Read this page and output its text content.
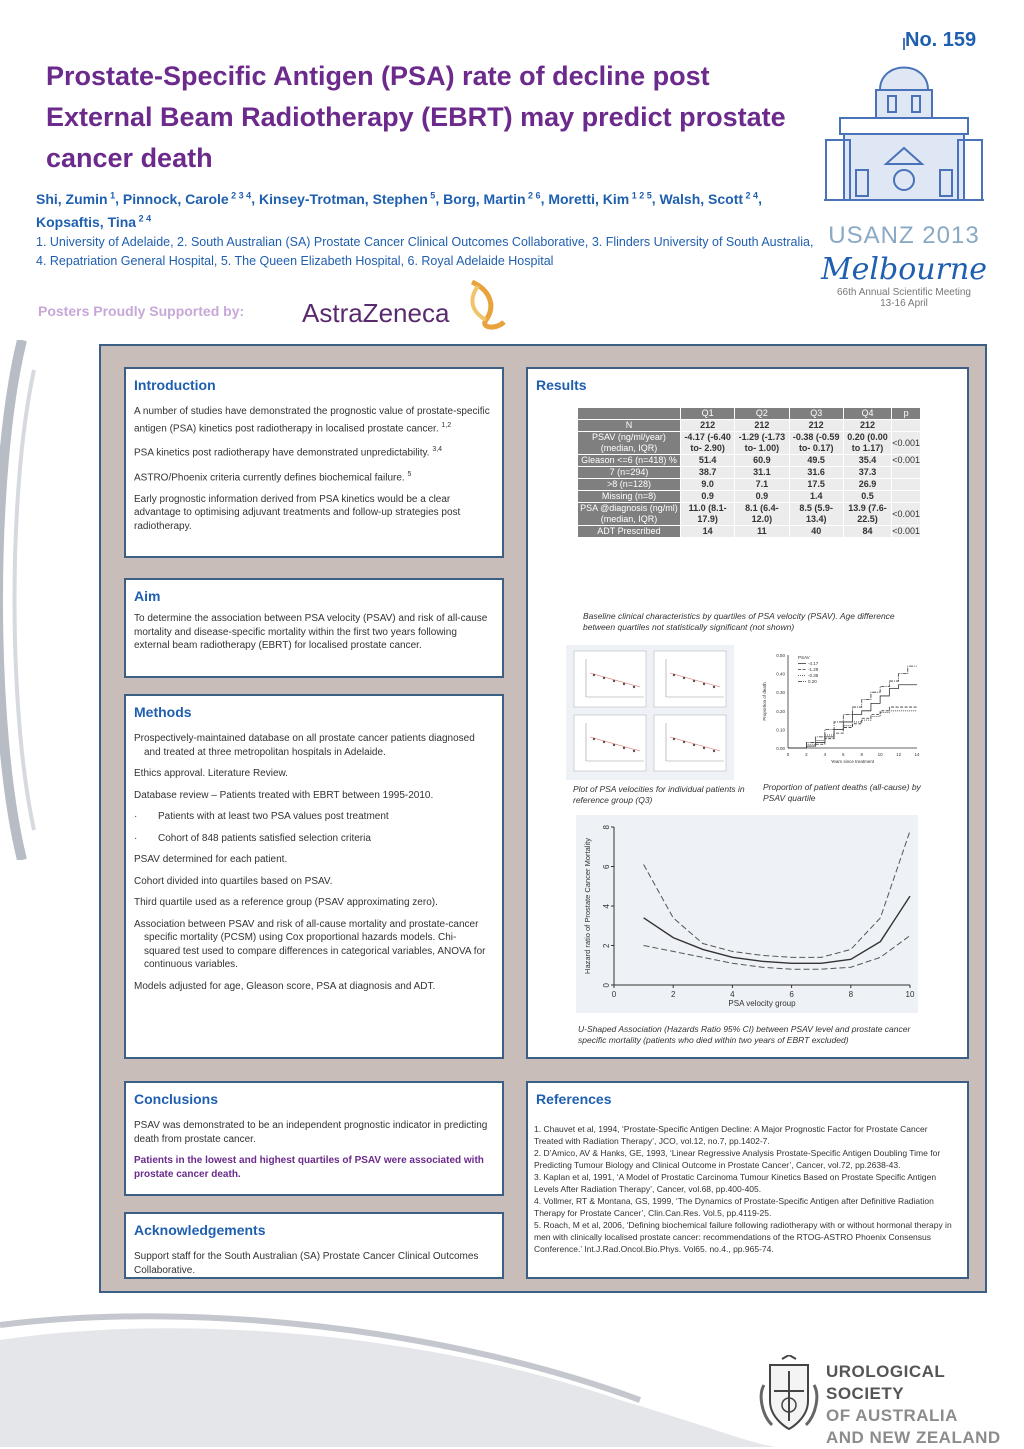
No. 159
Prostate-Specific Antigen (PSA) rate of decline post External Beam Radiotherapy (EBRT) may predict prostate cancer death
Shi, Zumin $^1$, Pinnock, Carole $^{2 3 4}$, Kinsey-Trotman, Stephen $^5$, Borg, Martin $^{2 6}$, Moretti, Kim $^{1 2 5}$, Walsh, Scott $^{2 4}$, Kopsaftis, Tina $^{2 4}$
1. University of Adelaide, 2. South Australian (SA) Prostate Cancer Clinical Outcomes Collaborative, 3. Flinders University of South Australia, 4. Repatriation General Hospital, 5. The Queen Elizabeth Hospital, 6. Royal Adelaide Hospital
Posters Proudly Supported by: AstraZeneca
USANZ 2013
Melbourne
66th Annual Scientific Meeting
13-16 April
Introduction

A number of studies have demonstrated the prognostic value of prostate-specific antigen (PSA) kinetics post radiotherapy in localised prostate cancer. $^{1,2}$

PSA kinetics post radiotherapy have demonstrated unpredictability. $^{3,4}$

ASTRO/Phoenix criteria currently defines biochemical failure. $^5$

Early prognostic information derived from PSA kinetics would be a clear advantage to optimising adjuvant treatments and follow-up strategies post radiotherapy.

Aim
To determine the association between PSA velocity (PSAV) and risk of all-cause mortality and disease-specific mortality within the first two years following external beam radiotherapy (EBRT) for localised prostate cancer.
Methods

Prospectively-maintained database on all prostate cancer patients diagnosed and treated at three metropolitan hospitals in Adelaide.

Ethics approval. Literature Review.

Database review – Patients treated with EBRT between 1995-2010.

· Patients with at least two PSA values post treatment

· Cohort of 848 patients satisfied selection criteria

PSAV determined for each patient.

Cohort divided into quartiles based on PSAV.

Third quartile used as a reference group (PSAV approximating zero).

Association between PSAV and risk of all-cause mortality and prostate-cancer specific mortality (PCSM) using Cox proportional hazards models. Chi-squared test used to compare differences in categorical variables, ANOVA for continuous variables.

Models adjusted for age, Gleason score, PSA at diagnosis and ADT.

Results
	Q1	Q2	Q3	Q4	p
N	212	212	212	212	
PSAV (ng/ml/year) (median, IQR)	-4.17 (-6.40 to- 2.90)	-1.29 (-1.73 to- 1.00)	-0.38 (-0.59 to- 0.17)	0.20 (0.00 to 1.17)	<0.001
Gleason <=6 (n=418) %	51.4	60.9	49.5	35.4	<0.001
7 (n=294)	38.7	31.1	31.6	37.3	
>8 (n=128)	9.0	7.1	17.5	26.9	
Missing (n=8)	0.9	0.9	1.4	0.5	
PSA @diagnosis (ng/ml) (median, IQR)	11.0 (8.1- 17.9)	8.1 (6.4- 12.0)	8.5 (5.9- 13.4)	13.9 (7.6- 22.5)	<0.001
ADT Prescribed	14	11	40	84	<0.001
Baseline clinical characteristics by quartiles of PSA velocity (PSAV). Age difference between quartiles not statistically significant (not shown)
Plot of PSA velocities for individual patients in reference group (Q3)
0.00
0.10
0.20
0.30
0.40
0.50
0	2	4	6	8	10	12	14
Years since treatment
Proportion of death
PSAV
-4.17
-1.29
-0.38
0.20
Proportion of patient deaths (all-cause) by PSAV quartile
0
2
4
6
8
0	2	4	6	8	10
PSA velocity group
Hazard ratio of Prostate Cancer Mortality
U-Shaped Association (Hazards Ratio 95% CI) between PSAV level and prostate cancer specific mortality (patients who died within two years of EBRT excluded)
Conclusions

PSAV was demonstrated to be an independent prognostic indicator in predicting death from prostate cancer.

Patients in the lowest and highest quartiles of PSAV were associated with prostate cancer death.

Acknowledgements
Support staff for the South Australian (SA) Prostate Cancer Clinical Outcomes Collaborative.
References

1. Chauvet et al, 1994, ‘Prostate-Specific Antigen Decline: A Major Prognostic Factor for Prostate Cancer Treated with Radiation Therapy’, JCO, vol.12, no.7, pp.1402-7.

2. D’Amico, AV & Hanks, GE, 1993, ‘Linear Regressive Analysis Prostate-Specific Antigen Doubling Time for Predicting Tumour Biology and Clinical Outcome in Prostate Cancer’, Cancer, vol.72, pp.2638-43.

3. Kaplan et al, 1991, ‘A Model of Prostatic Carcinoma Tumour Kinetics Based on Prostate Specific Antigen Levels After Radiation Therapy’, Cancer, vol.68, pp.400-405.

4. Vollmer, RT & Montana, GS, 1999, ‘The Dynamics of Prostate-Specific Antigen after Definitive Radiation Therapy for Prostate Cancer’, Clin.Can.Res. Vol.5, pp.4119-25.

5. Roach, M et al, 2006, ‘Defining biochemical failure following radiotherapy with or without hormonal therapy in men with clinically localised prostate cancer: recommendations of the RTOG-ASTRO Phoenix Consensus Conference.’ Int.J.Rad.Oncol.Bio.Phys. Vol65. no.4., pp.965-74.

UROLOGICAL SOCIETY
OF AUSTRALIA
AND NEW ZEALAND
